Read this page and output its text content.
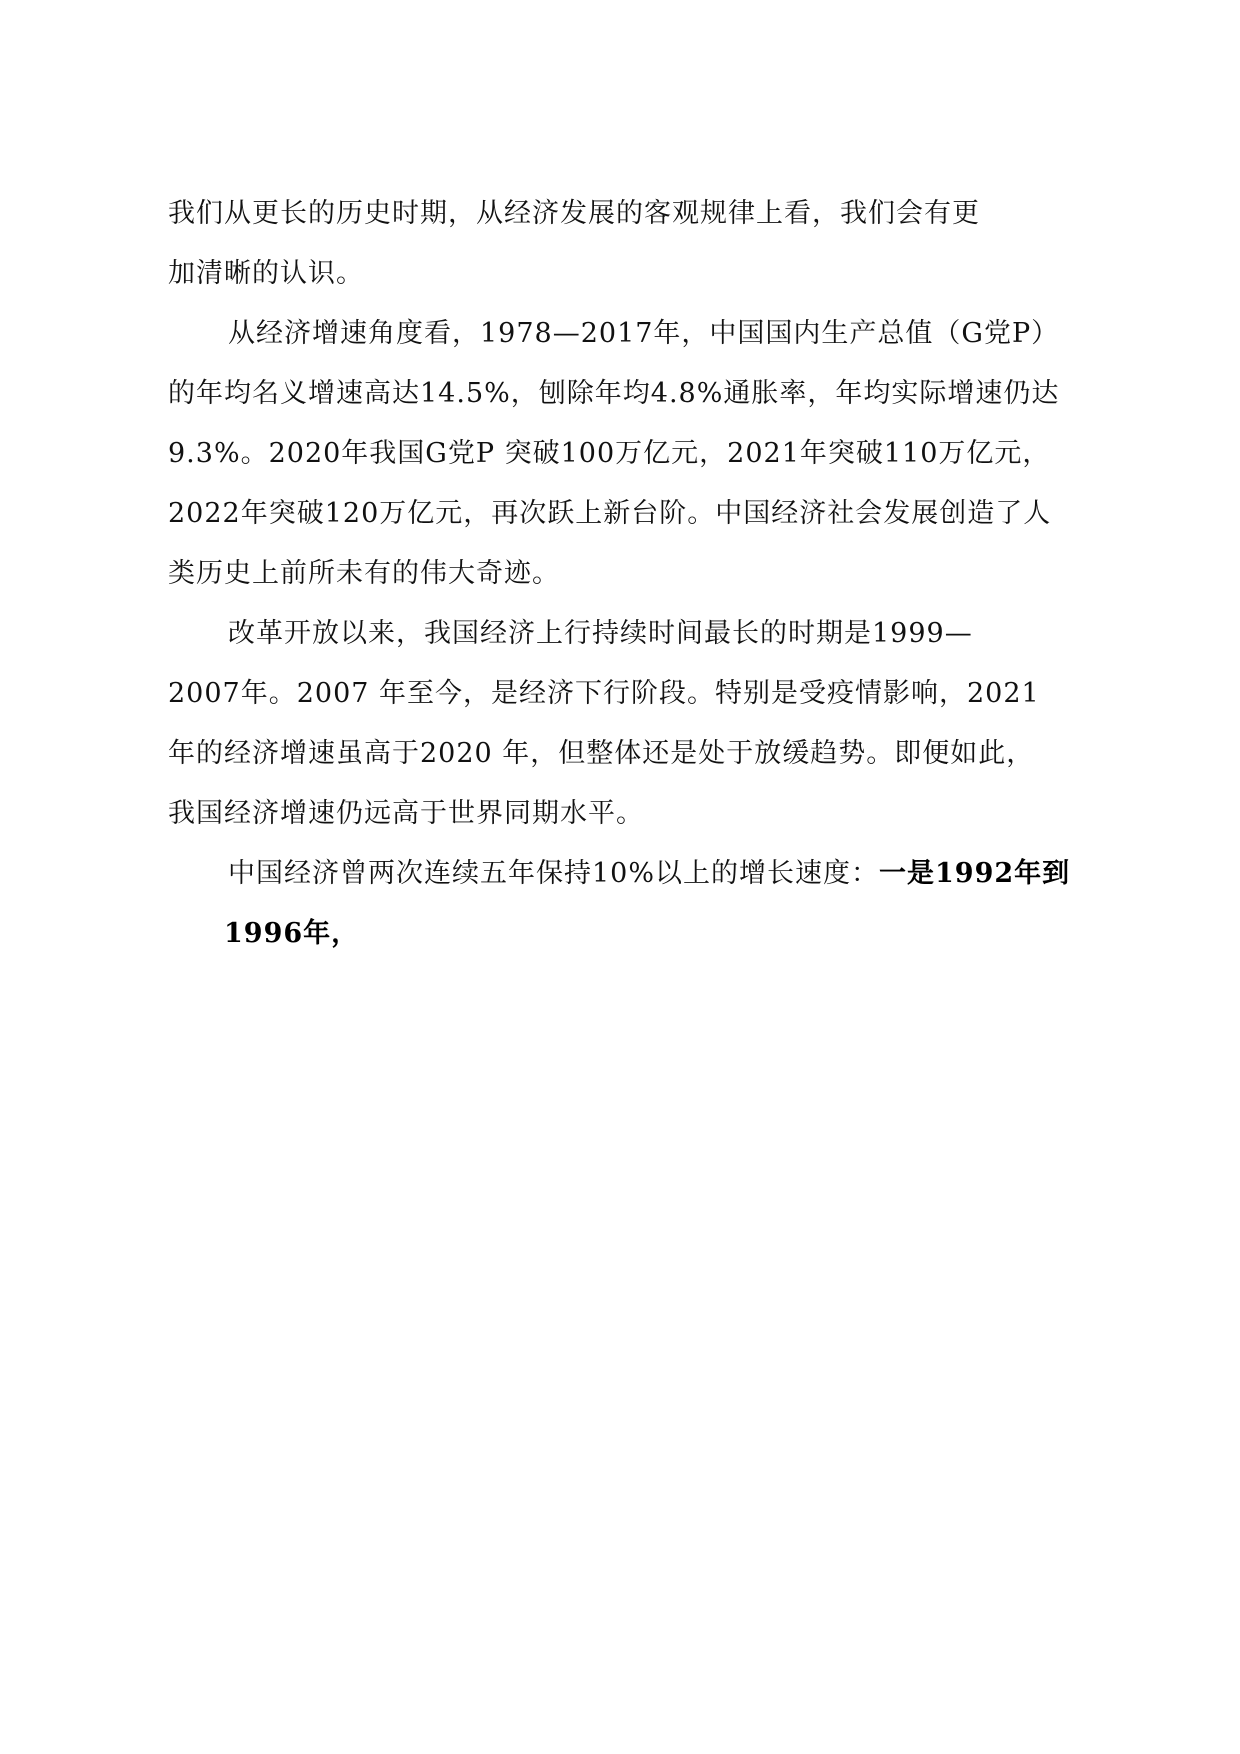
我们从更长的历史时期，从经济发展的客观规律上看，我们会有更
加清晰的认识。
从经济增速角度看，1978—2017年，中国国内生产总值（G党P）
的年均名义增速高达14.5%，刨除年均4.8%通胀率，年均实际增速仍达
9.3%。2020年我国G党P 突破100万亿元，2021年突破110万亿元，
2022年突破120万亿元，再次跃上新台阶。中国经济社会发展创造了人
类历史上前所未有的伟大奇迹。
改革开放以来，我国经济上行持续时间最长的时期是1999—
2007年。2007 年至今，是经济下行阶段。特别是受疫情影响，2021
年的经济增速虽高于2020 年，但整体还是处于放缓趋势。即便如此，
我国经济增速仍远高于世界同期水平。
中国经济曾两次连续五年保持10%以上的增长速度：一是1992年到
1996年，
